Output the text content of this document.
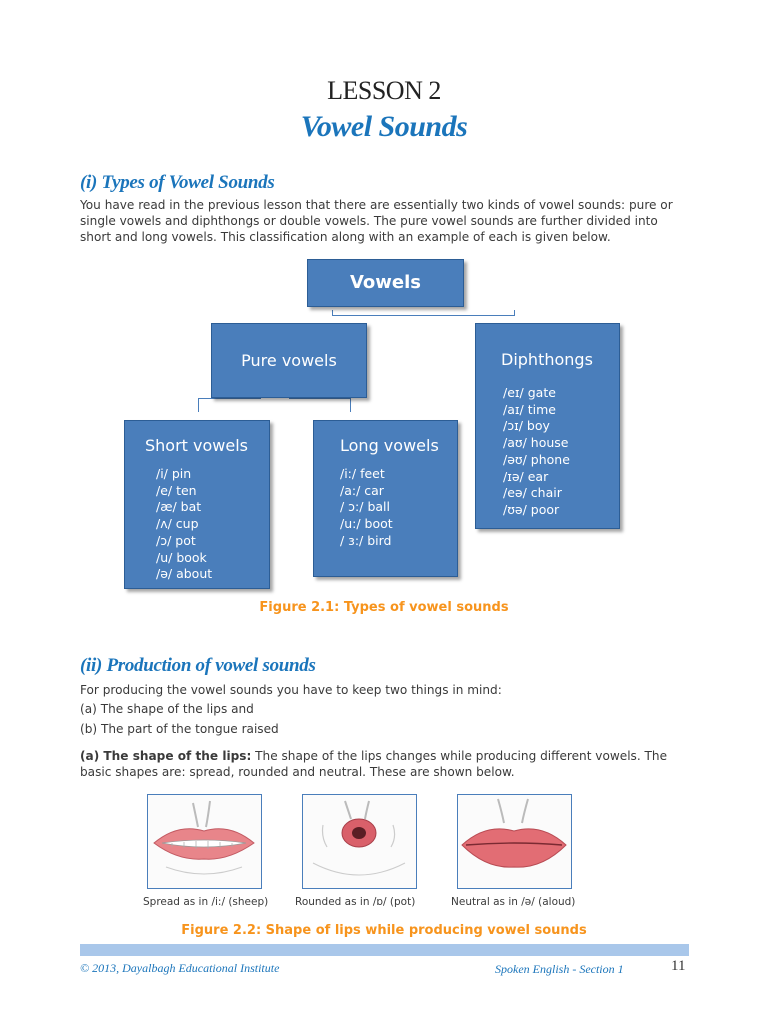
LESSON 2
Vowel Sounds
(i) Types of Vowel Sounds
You have read in the previous lesson that there are essentially two kinds of vowel sounds: pure or
single vowels and diphthongs or double vowels. The pure vowel sounds are further divided into
short and long vowels. This classification along with an example of each is given below.
Vowels
Pure vowels	Diphthongs
/eɪ/ gate
/aɪ/ time
/ɔɪ/ boy
/aʊ/ house
/əʊ/ phone
/ɪə/ ear
/eə/ chair
/ʊə/ poor
Short vowels
/i/ pin
/e/ ten
/æ/ bat
/ʌ/ cup
/ɔ/ pot
/u/ book
/ə/ about
Long vowels
/i:/ feet
/a:/ car
/ ɔ:/ ball
/u:/ boot
/ ɜ:/ bird
Figure 2.1: Types of vowel sounds
(ii) Production of vowel sounds
For producing the vowel sounds you have to keep two things in mind:
(a) The shape of the lips and
(b) The part of the tongue raised
(a) The shape of the lips: The shape of the lips changes while producing different vowels. The
basic shapes are: spread, rounded and neutral. These are shown below.
Spread as in /i:/ (sheep)	Rounded as in /ɒ/ (pot)	Neutral as in /ə/ (aloud)
Figure 2.2: Shape of lips while producing vowel sounds
© 2013, Dayalbagh Educational Institute	Spoken English - Section 1	11
